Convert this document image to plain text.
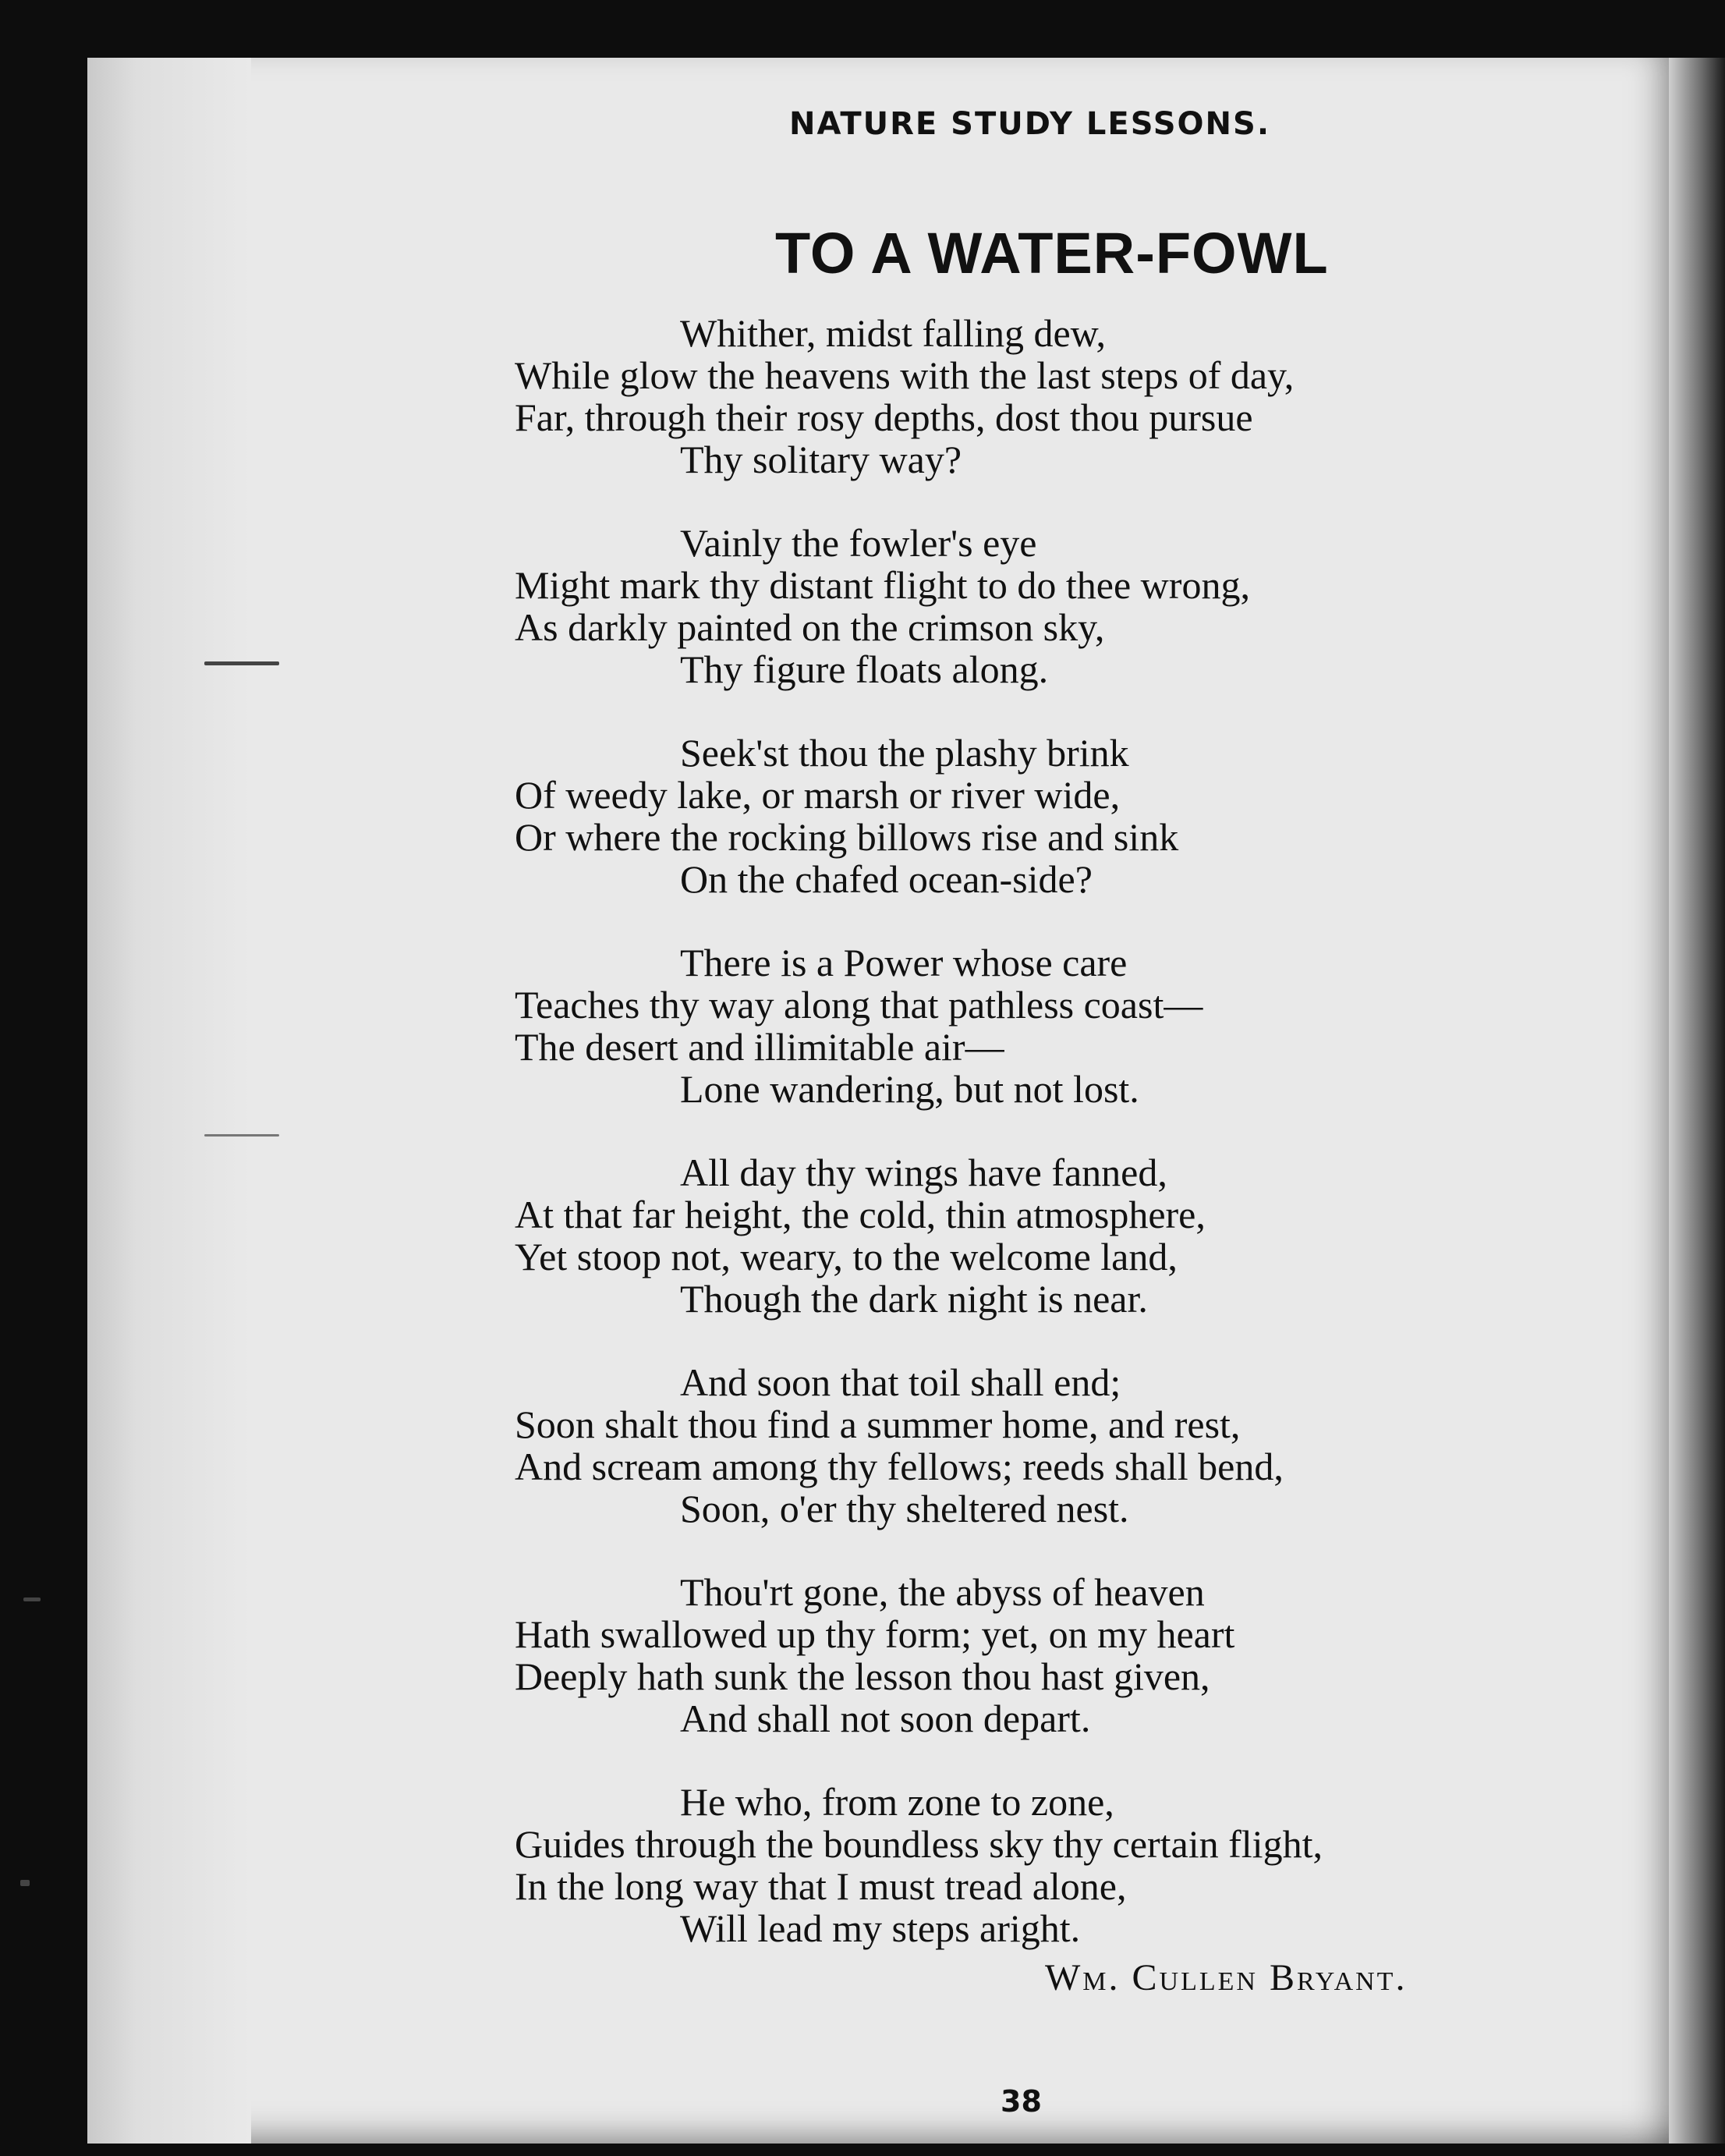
NATURE STUDY LESSONS.
TO A WATER-FOWL
Whither, midst falling dew,
While glow the heavens with the last steps of day,
Far, through their rosy depths, dost thou pursue
Thy solitary way?
Vainly the fowler's eye
Might mark thy distant flight to do thee wrong,
As darkly painted on the crimson sky,
Thy figure floats along.
Seek'st thou the plashy brink
Of weedy lake, or marsh or river wide,
Or where the rocking billows rise and sink
On the chafed ocean-side?
There is a Power whose care
Teaches thy way along that pathless coast—
The desert and illimitable air—
Lone wandering, but not lost.
All day thy wings have fanned,
At that far height, the cold, thin atmosphere,
Yet stoop not, weary, to the welcome land,
Though the dark night is near.
And soon that toil shall end;
Soon shalt thou find a summer home, and rest,
And scream among thy fellows; reeds shall bend,
Soon, o'er thy sheltered nest.
Thou'rt gone, the abyss of heaven
Hath swallowed up thy form; yet, on my heart
Deeply hath sunk the lesson thou hast given,
And shall not soon depart.
He who, from zone to zone,
Guides through the boundless sky thy certain flight,
In the long way that I must tread alone,
Will lead my steps aright.
Wm. Cullen Bryant.
38
